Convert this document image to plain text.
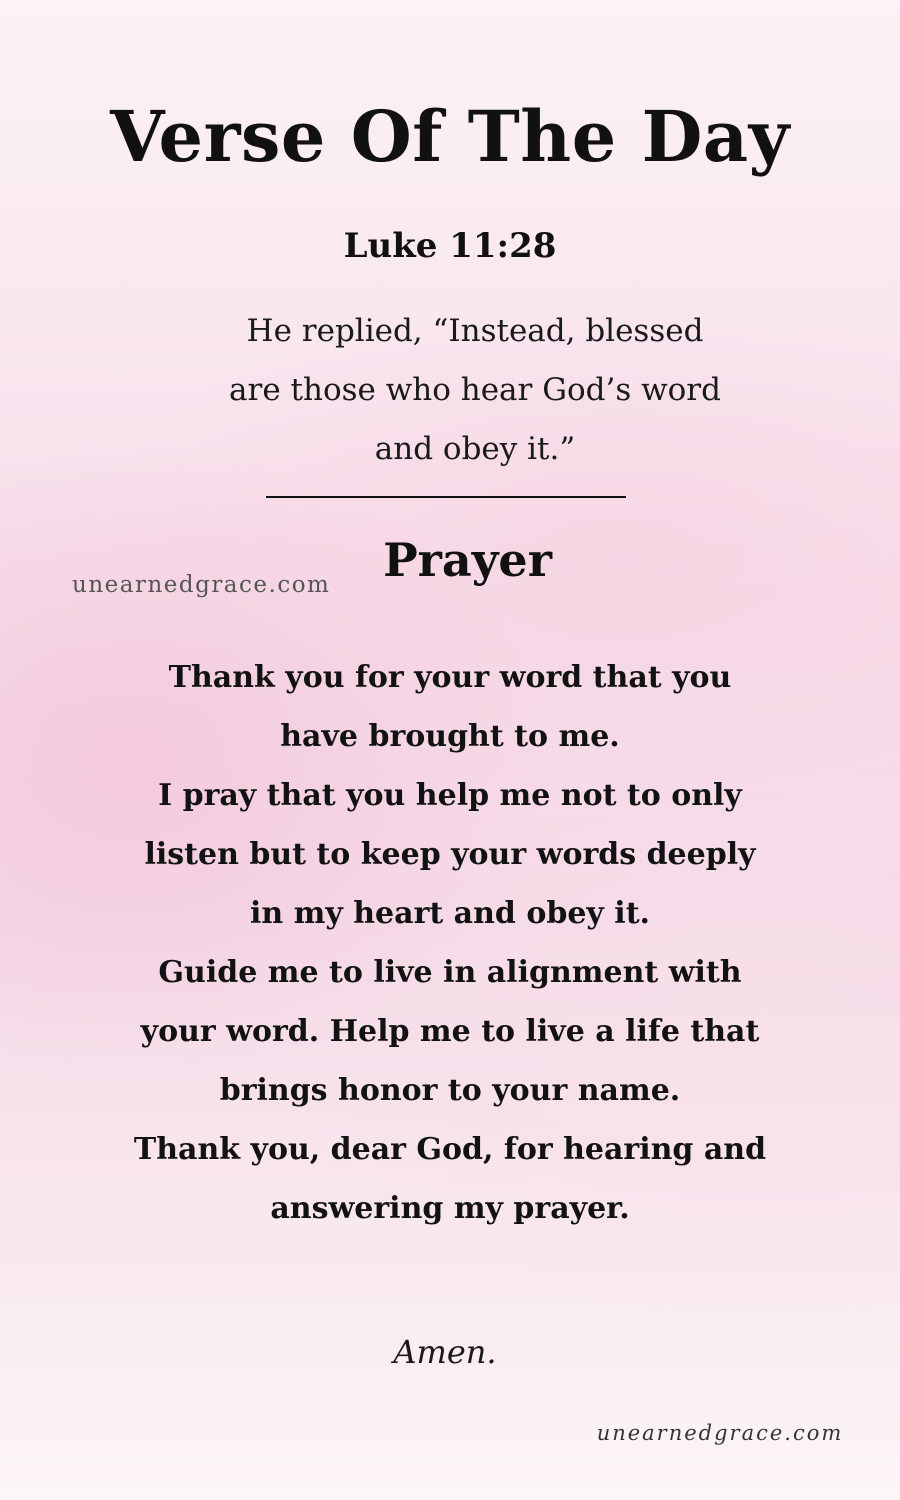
Verse Of The Day
Luke 11:28
He replied, “Instead, blessed
are those who hear God’s word
and obey it.”
Prayer
unearnedgrace.com
Thank you for your word that you
have brought to me.
I pray that you help me not to only
listen but to keep your words deeply
in my heart and obey it.
Guide me to live in alignment with
your word. Help me to live a life that
brings honor to your name.
Thank you, dear God, for hearing and
answering my prayer.
Amen.
unearnedgrace.com
